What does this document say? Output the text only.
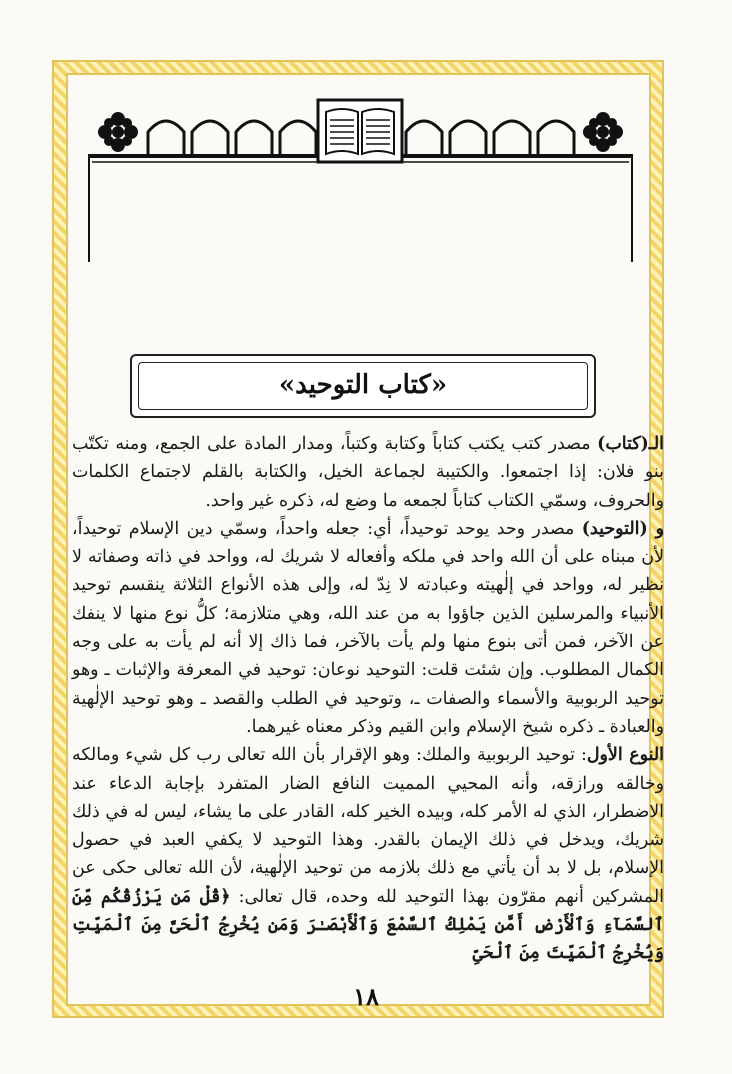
«كتاب التوحيد»

الـ(كتاب) مصدر كتب يكتب كتاباً وكتابة وكتباً، ومدار المادة على الجمع، ومنه تكتّب بنو فلان: إذا اجتمعوا. والكتيبة لجماعة الخيل، والكتابة بالقلم لاجتماع الكلمات والحروف، وسمّي الكتاب كتاباً لجمعه ما وضع له، ذكره غير واحد.

و (التوحيد) مصدر وحد يوحد توحيداً، أي: جعله واحداً، وسمّي دين الإسلام توحيداً، لأن مبناه على أن الله واحد في ملكه وأفعاله لا شريك له، وواحد في ذاته وصفاته لا نظير له، وواحد في إلٰهيته وعبادته لا نِدّ له، وإلى هذه الأنواع الثلاثة ينقسم توحيد الأنبياء والمرسلين الذين جاؤوا به من عند الله، وهي متلازمة؛ كلُّ نوع منها لا ينفك عن الآخر، فمن أتى بنوع منها ولم يأت بالآخر، فما ذاك إلا أنه لم يأت به على وجه الكمال المطلوب. وإن شئت قلت: التوحيد نوعان: توحيد في المعرفة والإثبات ـ وهو توحيد الربوبية والأسماء والصفات ـ، وتوحيد في الطلب والقصد ـ وهو توحيد الإلٰهية والعبادة ـ ذكره شيخ الإسلام وابن القيم وذكر معناه غيرهما.

النوع الأول: توحيد الربوبية والملك: وهو الإقرار بأن الله تعالى رب كل شيء ومالكه وخالقه ورازقه، وأنه المحيي المميت النافع الضار المتفرد بإجابة الدعاء عند الاضطرار، الذي له الأمر كله، وبيده الخير كله، القادر على ما يشاء، ليس له في ذلك شريك، ويدخل في ذلك الإيمان بالقدر. وهذا التوحيد لا يكفي العبد في حصول الإسلام، بل لا بد أن يأتي مع ذلك بلازمه من توحيد الإلٰهية، لأن الله تعالى حكى عن المشركين أنهم مقرّون بهذا التوحيد لله وحده، قال تعالى: ﴿قُلْ مَن يَرْزُقُكُم مِّنَ ٱلسَّمَآءِ وَٱلْأَرْضِ أَمَّن يَمْلِكُ ٱلسَّمْعَ وَٱلْأَبْصَـٰرَ وَمَن يُخْرِجُ ٱلْحَىَّ مِنَ ٱلْمَيِّتِ وَيُخْرِجُ ٱلْمَيِّتَ مِنَ ٱلْحَىِّ

١٨
